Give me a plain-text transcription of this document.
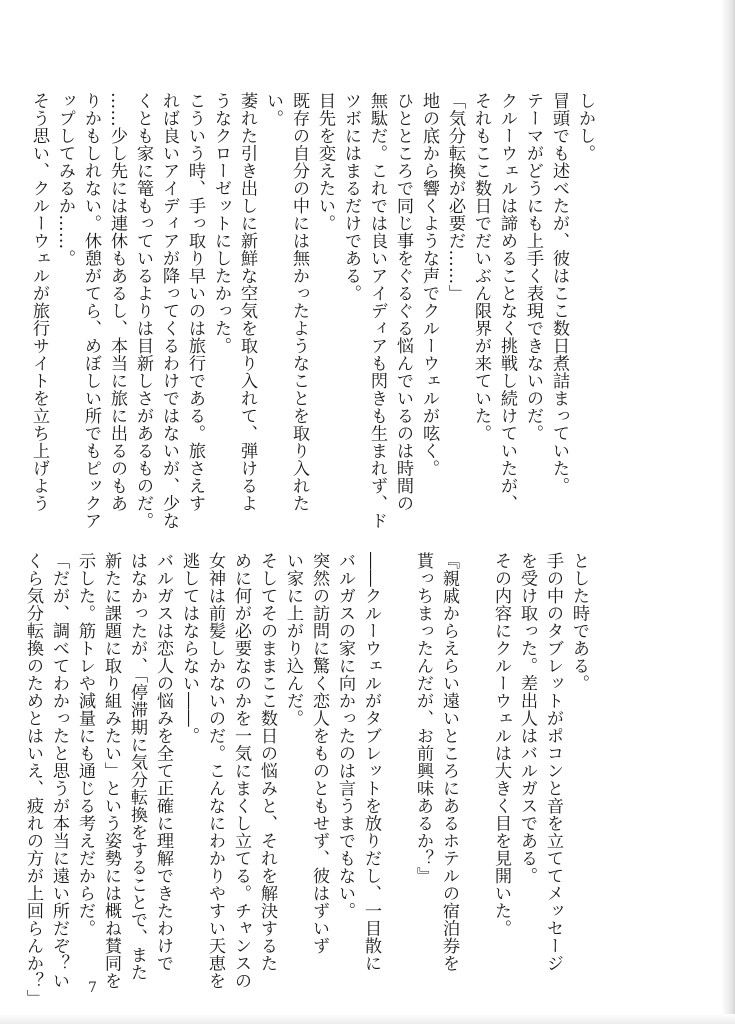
しかし。
冒頭でも述べたが、彼はここ数日煮詰まっていた。
テーマがどうにも上手く表現できないのだ。
クルーウェルは諦めることなく挑戦し続けていたが、
それもここ数日でだいぶん限界が来ていた。
「気分転換が必要だ……」
地の底から響くような声でクルーウェルが呟く。
ひとところで同じ事をぐるぐる悩んでいるのは時間の
無駄だ。これでは良いアイディアも閃きも生まれず、ド
ツボにはまるだけである。
目先を変えたい。
既存の自分の中には無かったようなことを取り入れた
い。
萎れた引き出しに新鮮な空気を取り入れて、弾けるよ
うなクローゼットにしたかった。
こういう時、手っ取り早いのは旅行である。旅さえす
れば良いアイディアが降ってくるわけではないが、少な
くとも家に篭もっているよりは目新しさがあるものだ。
……少し先には連休もあるし、本当に旅に出るのもあ
りかもしれない。休憩がてら、めぼしい所でもピックア
ップしてみるか……。
そう思い、クルーウェルが旅行サイトを立ち上げよう
とした時である。
手の中のタブレットがポコンと音を立ててメッセージ
を受け取った。差出人はバルガスである。
その内容にクルーウェルは大きく目を見開いた。

『親戚からえらい遠いところにあるホテルの宿泊券を
貰っちまったんだが、お前興味あるか？』

――クルーウェルがタブレットを放りだし、一目散に
バルガスの家に向かったのは言うまでもない。
突然の訪問に驚く恋人をものともせず、彼はずいず
い家に上がり込んだ。
そしてそのままここ数日の悩みと、それを解決するた
めに何が必要なのかを一気にまくし立てる。チャンスの
女神は前髪しかないのだ。こんなにわかりやすい天恵を
逃してはならない――。
バルガスは恋人の悩みを全て正確に理解できたわけで
はなかったが、「停滞期に気分転換をすることで、また
新たに課題に取り組みたい」という姿勢には概ね賛同を
示した。筋トレや減量にも通じる考えだからだ。
「だが、調べてわかったと思うが本当に遠い所だぞ？い
くら気分転換のためとはいえ、疲れの方が上回らんか？」	7
